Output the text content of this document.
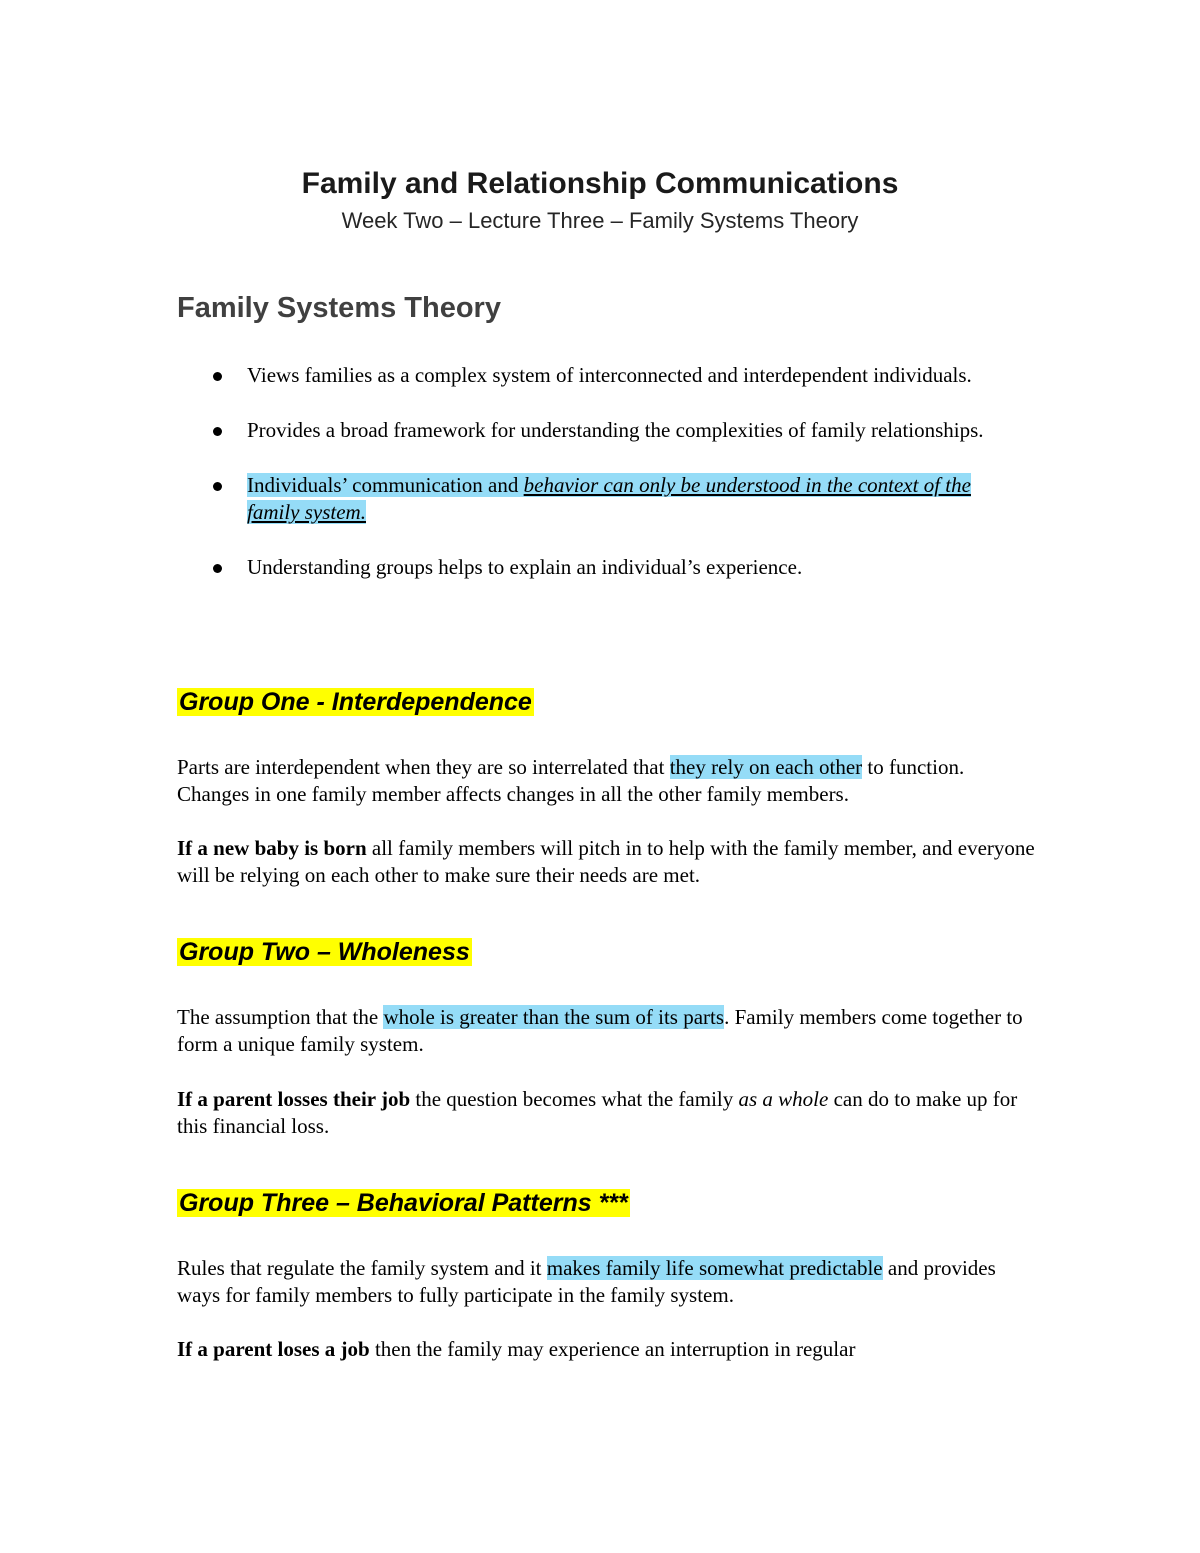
Family and Relationship Communications

Week Two – Lecture Three – Family Systems Theory

Family Systems Theory
Views families as a complex system of interconnected and interdependent individuals.
Provides a broad framework for understanding the complexities of family relationships.
Individuals’ communication and behavior can only be understood in the context of the family system.
Understanding groups helps to explain an individual’s experience.
Group One - Interdependence

Parts are interdependent when they are so interrelated that they rely on each other to function. Changes in one family member affects changes in all the other family members.

If a new baby is born all family members will pitch in to help with the family member, and everyone will be relying on each other to make sure their needs are met.

Group Two – Wholeness

The assumption that the whole is greater than the sum of its parts. Family members come together to form a unique family system.

If a parent losses their job the question becomes what the family as a whole can do to make up for this financial loss.

Group Three – Behavioral Patterns ***

Rules that regulate the family system and it makes family life somewhat predictable and provides ways for family members to fully participate in the family system.

If a parent loses a job then the family may experience an interruption in regular
